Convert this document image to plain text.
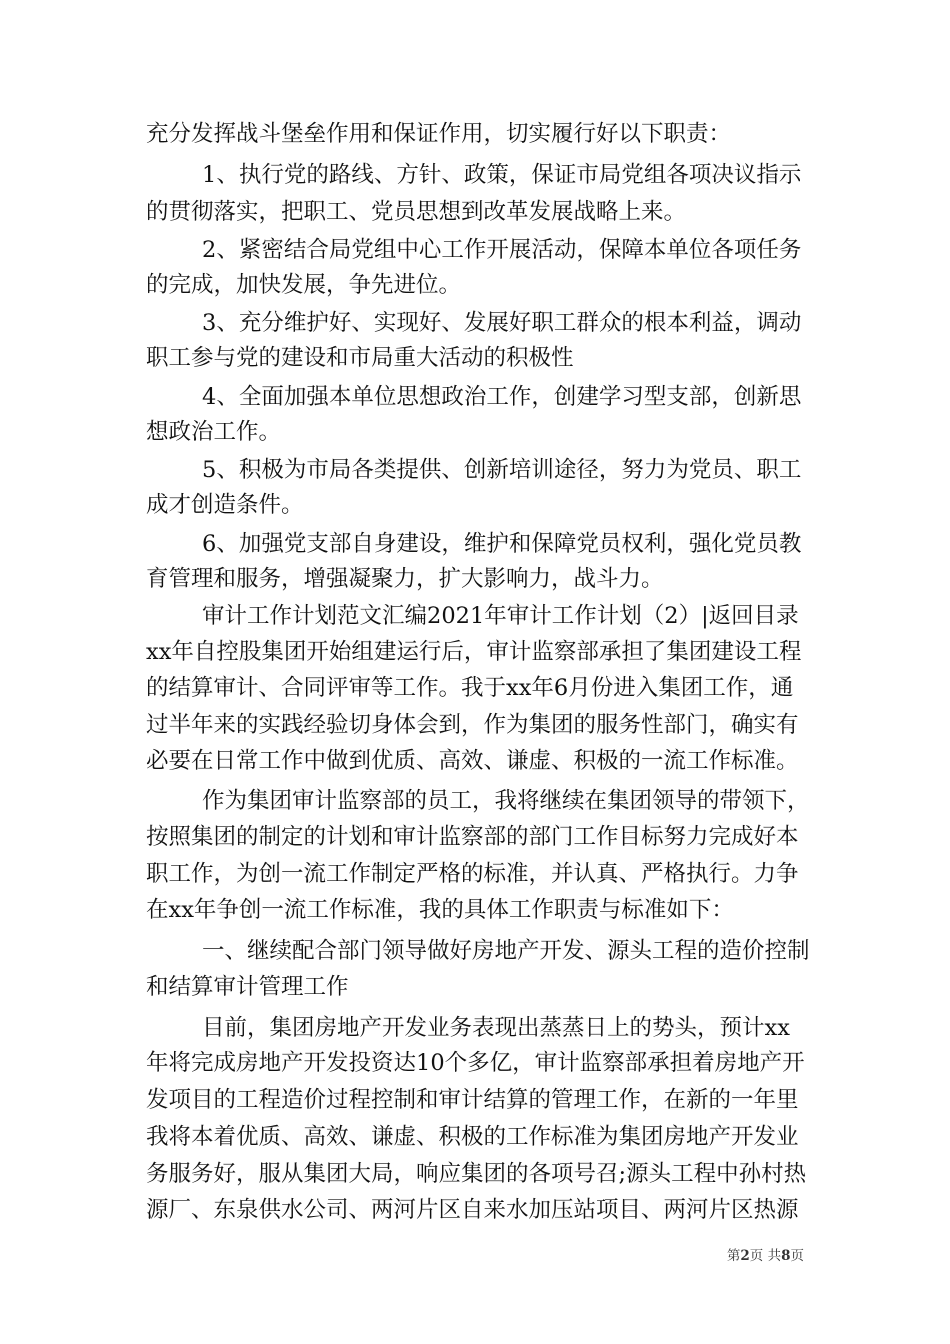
充分发挥战斗堡垒作用和保证作用，切实履行好以下职责：
1、执行党的路线、方针、政策，保证市局党组各项决议指示
的贯彻落实，把职工、党员思想到改革发展战略上来。
2、紧密结合局党组中心工作开展活动，保障本单位各项任务
的完成，加快发展，争先进位。
3、充分维护好、实现好、发展好职工群众的根本利益，调动
职工参与党的建设和市局重大活动的积极性
4、全面加强本单位思想政治工作，创建学习型支部，创新思
想政治工作。
5、积极为市局各类提供、创新培训途径，努力为党员、职工
成才创造条件。
6、加强党支部自身建设，维护和保障党员权利，强化党员教
育管理和服务，增强凝聚力，扩大影响力，战斗力。
审计工作计划范文汇编2021年审计工作计划（2）|返回目录
xx年自控股集团开始组建运行后，审计监察部承担了集团建设工程
的结算审计、合同评审等工作。我于xx年6月份进入集团工作，通
过半年来的实践经验切身体会到，作为集团的服务性部门，确实有
必要在日常工作中做到优质、高效、谦虚、积极的一流工作标准。
作为集团审计监察部的员工，我将继续在集团领导的带领下，
按照集团的制定的计划和审计监察部的部门工作目标努力完成好本
职工作，为创一流工作制定严格的标准，并认真、严格执行。力争
在xx年争创一流工作标准，我的具体工作职责与标准如下：
一、继续配合部门领导做好房地产开发、源头工程的造价控制
和结算审计管理工作
目前，集团房地产开发业务表现出蒸蒸日上的势头，预计xx
年将完成房地产开发投资达10个多亿，审计监察部承担着房地产开
发项目的工程造价过程控制和审计结算的管理工作，在新的一年里
我将本着优质、高效、谦虚、积极的工作标准为集团房地产开发业
务服务好，服从集团大局，响应集团的各项号召;源头工程中孙村热
源厂、东泉供水公司、两河片区自来水加压站项目、两河片区热源
第2页 共8页
